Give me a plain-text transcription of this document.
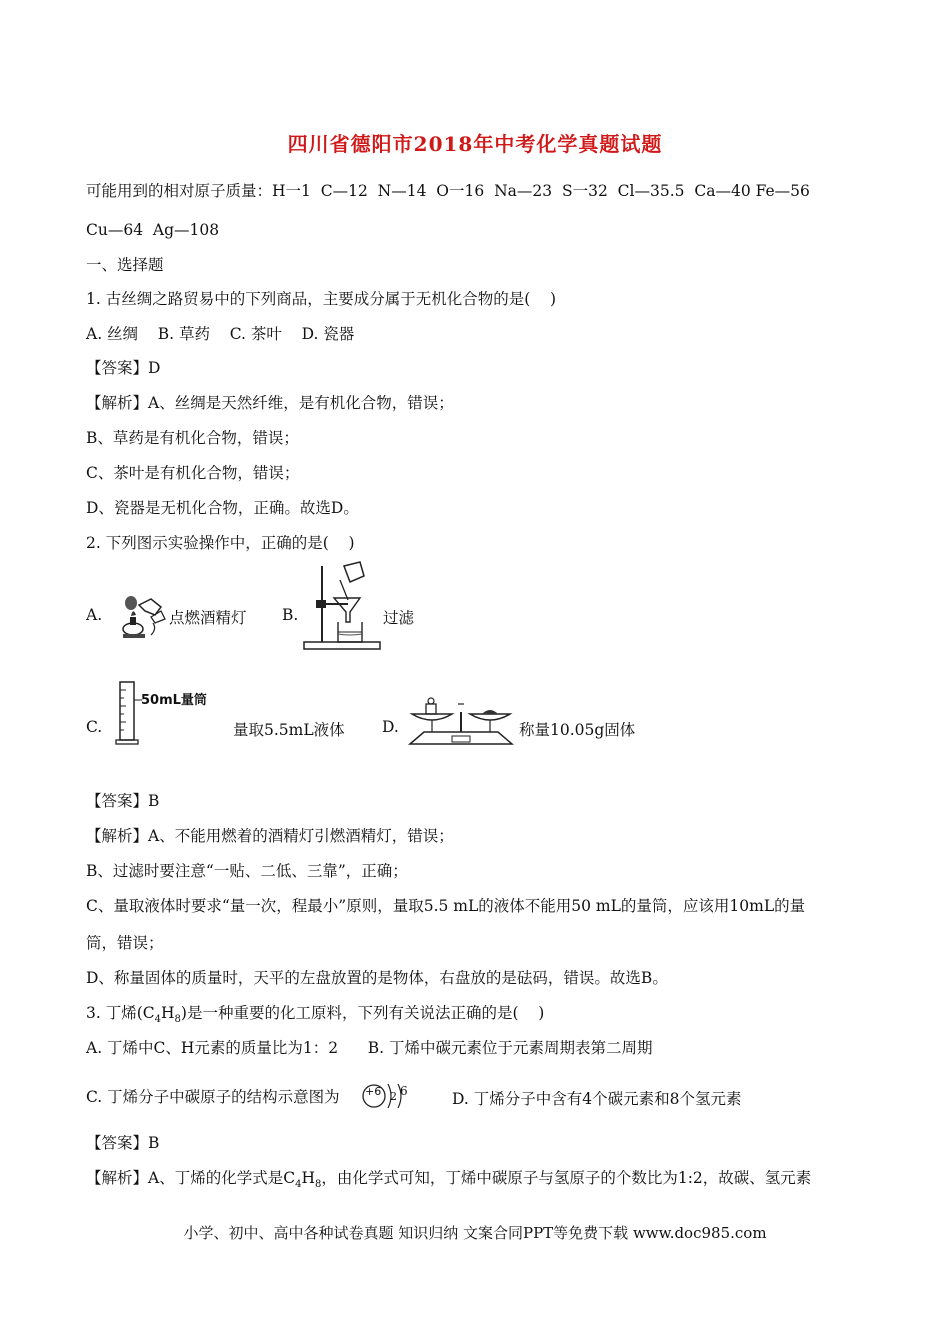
四川省德阳市2018年中考化学真题试题
可能用到的相对原子质量：H一1  C—12  N—14  O一16  Na—23  S一32  Cl—35.5  Ca—40 Fe—56
Cu—64  Ag—108
一、选择题
1. 古丝绸之路贸易中的下列商品，主要成分属于无机化合物的是(    )
A. 丝绸    B. 草药    C. 茶叶    D. 瓷器
【答案】D
【解析】A、丝绸是天然纤维，是有机化合物，错误；
B、草药是有机化合物，错误；
C、茶叶是有机化合物，错误；
D、瓷器是无机化合物，正确。故选D。
2. 下列图示实验操作中，正确的是(    )
A.	点燃酒精灯 B.	过滤
C.
50mL量筒
量取5.5mL液体 D.	称量10.05g固体
【答案】B
【解析】A、不能用燃着的酒精灯引燃酒精灯，错误；
B、过滤时要注意“一贴、二低、三靠”，正确；
C、量取液体时要求“量一次，程最小”原则，量取5.5 mL的液体不能用50 mL的量筒，应该用10mL的量
筒，错误；
D、称量固体的质量时，天平的左盘放置的是物体，右盘放的是砝码，错误。故选B。
3. 丁烯$(C_4H_8)$是一种重要的化工原料，下列有关说法正确的是(    )
A. 丁烯中C、H元素的质量比为1：2      B. 丁烯中碳元素位于元素周期表第二周期
C. 丁烯分子中碳原子的结构示意图为 +6 2 6	D. 丁烯分子中含有4个碳元素和8个氢元素
【答案】B
【解析】A、丁烯的化学式是$C_4H_8$，由化学式可知，丁烯中碳原子与氢原子的个数比为1:2，故碳、氢元素
小学、初中、高中各种试卷真题 知识归纳 文案合同PPT等免费下载 www.doc985.com
